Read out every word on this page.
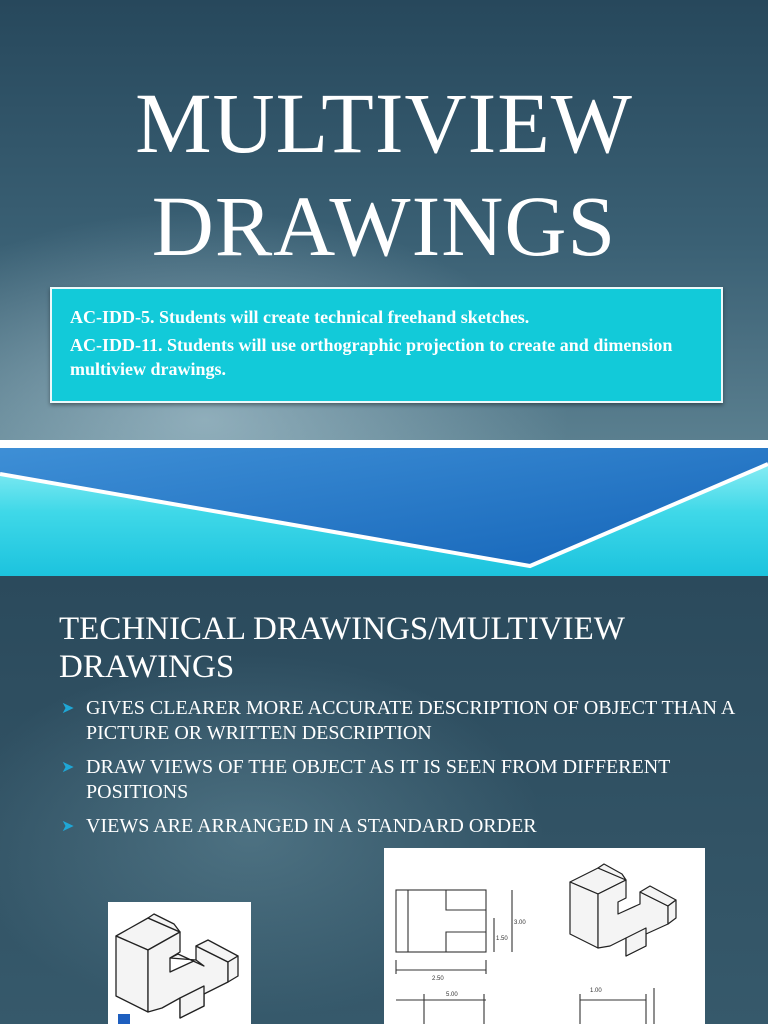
MULTIVIEW
DRAWINGS

AC-IDD-5. Students will create technical freehand sketches.

AC-IDD-11. Students will use orthographic projection to create and dimension multiview drawings.

TECHNICAL DRAWINGS/MULTIVIEW DRAWINGS
➤ GIVES CLEARER MORE ACCURATE DESCRIPTION OF OBJECT THAN A PICTURE OR WRITTEN DESCRIPTION
➤ DRAW VIEWS OF THE OBJECT AS IT IS SEEN FROM DIFFERENT POSITIONS
➤ VIEWS ARE ARRANGED IN A STANDARD ORDER
1.50
3.00
2.50
1.00
5.00
